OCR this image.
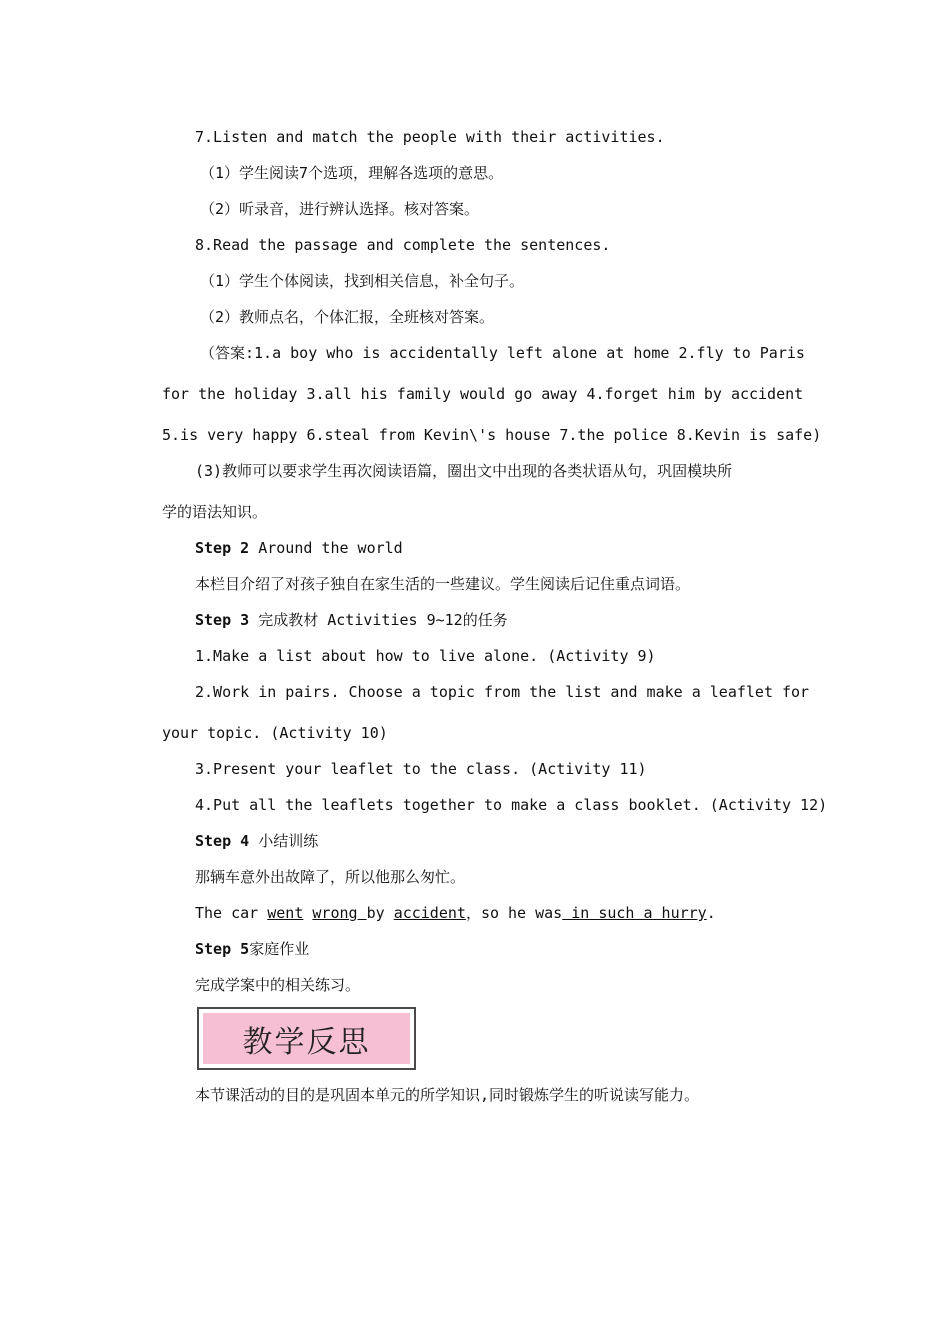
7.Listen and match the people with their activities.
（1）学生阅读7个选项，理解各选项的意思。
（2）听录音，进行辨认选择。核对答案。
8.Read the passage and complete the sentences.
（1）学生个体阅读，找到相关信息，补全句子。
（2）教师点名，个体汇报，全班核对答案。
（答案:1.a boy who is accidentally left alone at home 2.fly to Paris
for the holiday 3.all his family would go away 4.forget him by accident
5.is very happy 6.steal from Kevin\'s house 7.the police 8.Kevin is safe)
(3)教师可以要求学生再次阅读语篇，圈出文中出现的各类状语从句，巩固模块所
学的语法知识。
Step 2 Around the world
本栏目介绍了对孩子独自在家生活的一些建议。学生阅读后记住重点词语。
Step 3 完成教材 Activities 9~12的任务
1.Make a list about how to live alone. (Activity 9)
2.Work in pairs. Choose a topic from the list and make a leaflet for
your topic. (Activity 10)
3.Present your leaflet to the class. (Activity 11)
4.Put all the leaflets together to make a class booklet. (Activity 12)
Step 4 小结训练
那辆车意外出故障了，所以他那么匆忙。
The car went wrong by accident，so he was in such a hurry.
Step 5家庭作业
完成学案中的相关练习。
教学反思
本节课活动的目的是巩固本单元的所学知识,同时锻炼学生的听说读写能力。
